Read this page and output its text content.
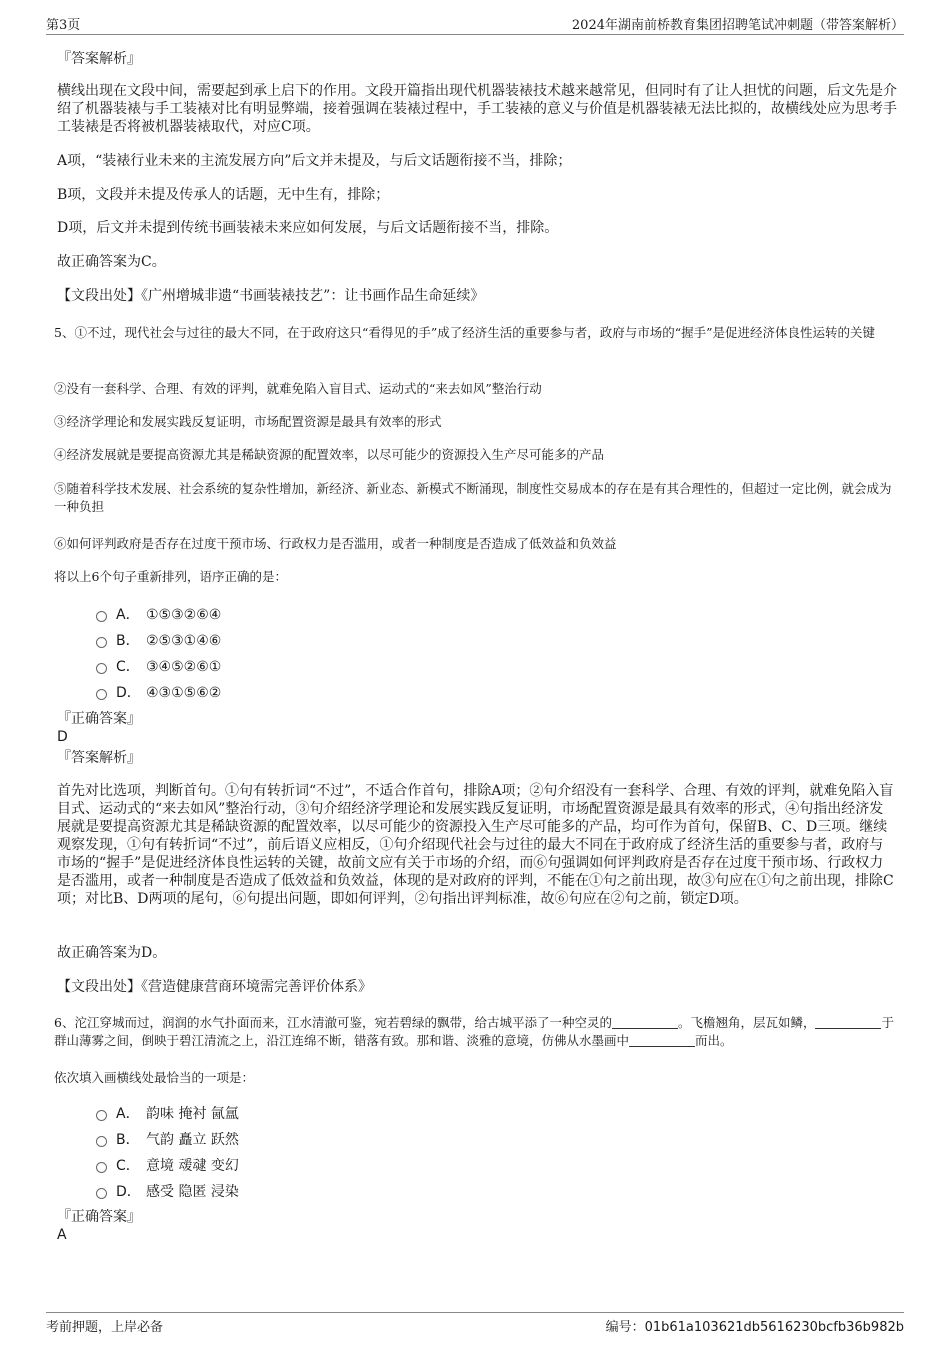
第3页	2024年湖南前桥教育集团招聘笔试冲刺题（带答案解析）
『答案解析』
横线出现在文段中间，需要起到承上启下的作用。文段开篇指出现代机器装裱技术越来越常见，但同时有了让人担忧的问题，后文先是介绍了机器装裱与手工装裱对比有明显弊端，接着强调在装裱过程中，手工装裱的意义与价值是机器装裱无法比拟的，故横线处应为思考手工装裱是否将被机器装裱取代，对应C项。
A项，“装裱行业未来的主流发展方向”后文并未提及，与后文话题衔接不当，排除；
B项，文段并未提及传承人的话题，无中生有，排除；
D项，后文并未提到传统书画装裱未来应如何发展，与后文话题衔接不当，排除。
故正确答案为C。
【文段出处】《广州增城非遗“书画装裱技艺”：让书画作品生命延续》
5、①不过，现代社会与过往的最大不同，在于政府这只“看得见的手”成了经济生活的重要参与者，政府与市场的“握手”是促进经济体良性运转的关键
②没有一套科学、合理、有效的评判，就难免陷入盲目式、运动式的“来去如风”整治行动
③经济学理论和发展实践反复证明，市场配置资源是最具有效率的形式
④经济发展就是要提高资源尤其是稀缺资源的配置效率，以尽可能少的资源投入生产尽可能多的产品
⑤随着科学技术发展、社会系统的复杂性增加，新经济、新业态、新模式不断涌现，制度性交易成本的存在是有其合理性的，但超过一定比例，就会成为一种负担
⑥如何评判政府是否存在过度干预市场、行政权力是否滥用，或者一种制度是否造成了低效益和负效益
将以上6个句子重新排列，语序正确的是：
A． ①⑤③②⑥④
B． ②⑤③①④⑥
C． ③④⑤②⑥①
D． ④③①⑤⑥②
『正确答案』
D
『答案解析』
首先对比选项，判断首句。①句有转折词“不过”，不适合作首句，排除A项；②句介绍没有一套科学、合理、有效的评判，就难免陷入盲目式、运动式的“来去如风”整治行动，③句介绍经济学理论和发展实践反复证明，市场配置资源是最具有效率的形式，④句指出经济发展就是要提高资源尤其是稀缺资源的配置效率，以尽可能少的资源投入生产尽可能多的产品，均可作为首句，保留B、C、D三项。继续观察发现，①句有转折词“不过”，前后语义应相反，①句介绍现代社会与过往的最大不同在于政府成了经济生活的重要参与者，政府与市场的“握手”是促进经济体良性运转的关键，故前文应有关于市场的介绍，而⑥句强调如何评判政府是否存在过度干预市场、行政权力是否滥用，或者一种制度是否造成了低效益和负效益，体现的是对政府的评判，不能在①句之前出现，故③句应在①句之前出现，排除C项；对比B、D两项的尾句，⑥句提出问题，即如何评判，②句指出评判标准，故⑥句应在②句之前，锁定D项。
故正确答案为D。
【文段出处】《营造健康营商环境需完善评价体系》
6、沱江穿城而过，润润的水气扑面而来，江水清澈可鉴，宛若碧绿的飘带，给古城平添了一种空灵的	。飞檐翘角，层瓦如鳞，	于群山薄雾之间，倒映于碧江清流之上，沿江连绵不断，错落有致。那和谐、淡雅的意境，仿佛从水墨画中	而出。
依次填入画横线处最恰当的一项是：
A． 韵味 掩衬 氤氲
B． 气韵 矗立 跃然
C． 意境 叆叇 变幻
D． 感受 隐匿 浸染
『正确答案』
A
考前押题，上岸必备	编号：01b61a103621db5616230bcfb36b982b
